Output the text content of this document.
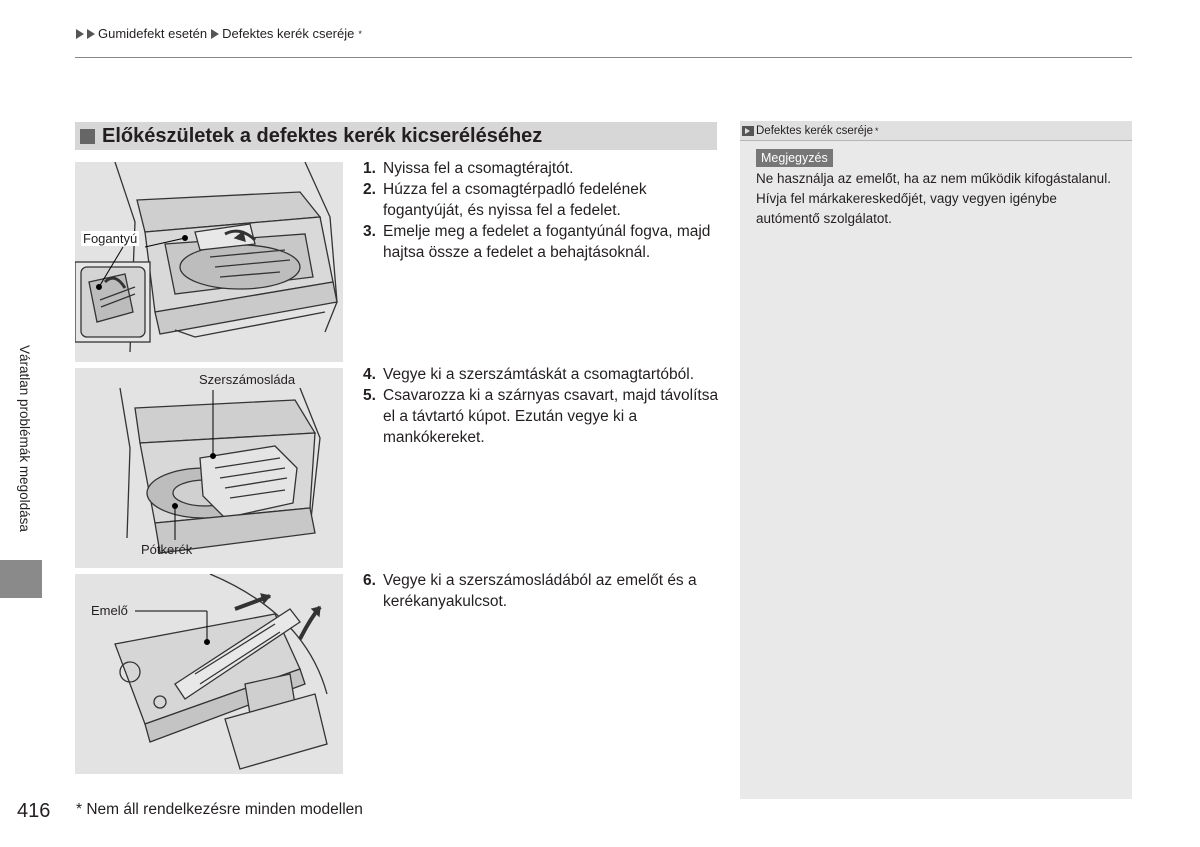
Gumidefekt esetén Defektes kerék cseréje *
Előkészületek a defektes kerék kicseréléséhez
Fogantyú
Szerszámosláda
Pótkerék
Emelő
1. Nyissa fel a csomagtérajtót.
2. Húzza fel a csomagtérpadló fedelének fogantyúját, és nyissa fel a fedelet.
3. Emelje meg a fedelet a fogantyúnál fogva, majd hajtsa össze a fedelet a behajtásoknál.
4. Vegye ki a szerszámtáskát a csomagtartóból.
5. Csavarozza ki a szárnyas csavart, majd távolítsa el a távtartó kúpot. Ezután vegye ki a mankókereket.
6. Vegye ki a szerszámosládából az emelőt és a kerékanyakulcsot.
Defektes kerék cseréje *
Megjegyzés
Ne használja az emelőt, ha az nem működik kifogástalanul. Hívja fel márkakereskedőjét, vagy vegyen igénybe autómentő szolgálatot.
Váratlan problémák megoldása
416 * Nem áll rendelkezésre minden modellen
